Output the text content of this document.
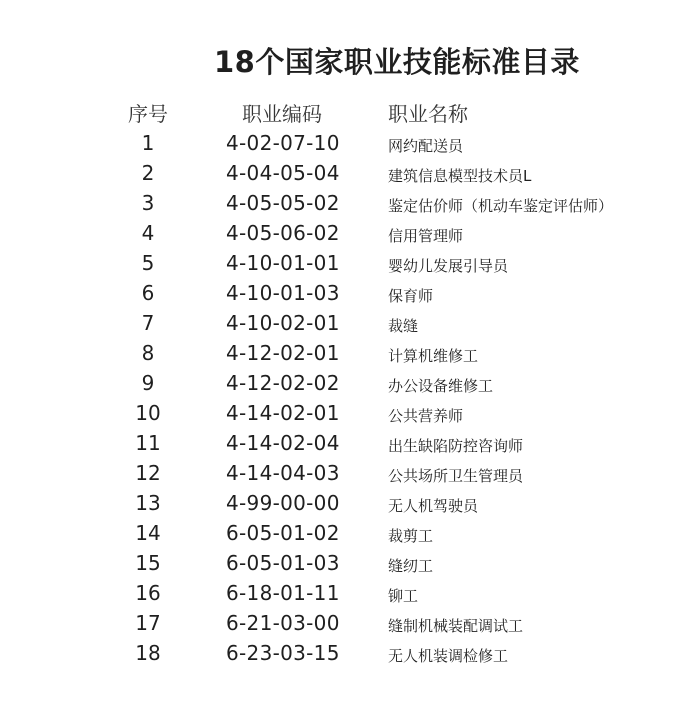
18个国家职业技能标准目录
序号	职业编码	职业名称
1	4-02-07-10	网约配送员
2	4-04-05-04	建筑信息模型技术员L
3	4-05-05-02	鉴定估价师（机动车鉴定评估师）
4	4-05-06-02	信用管理师
5	4-10-01-01	婴幼儿发展引导员
6	4-10-01-03	保育师
7	4-10-02-01	裁缝
8	4-12-02-01	计算机维修工
9	4-12-02-02	办公设备维修工
10	4-14-02-01	公共营养师
11	4-14-02-04	出生缺陷防控咨询师
12	4-14-04-03	公共场所卫生管理员
13	4-99-00-00	无人机驾驶员
14	6-05-01-02	裁剪工
15	6-05-01-03	缝纫工
16	6-18-01-11	铆工
17	6-21-03-00	缝制机械装配调试工
18	6-23-03-15	无人机装调检修工
